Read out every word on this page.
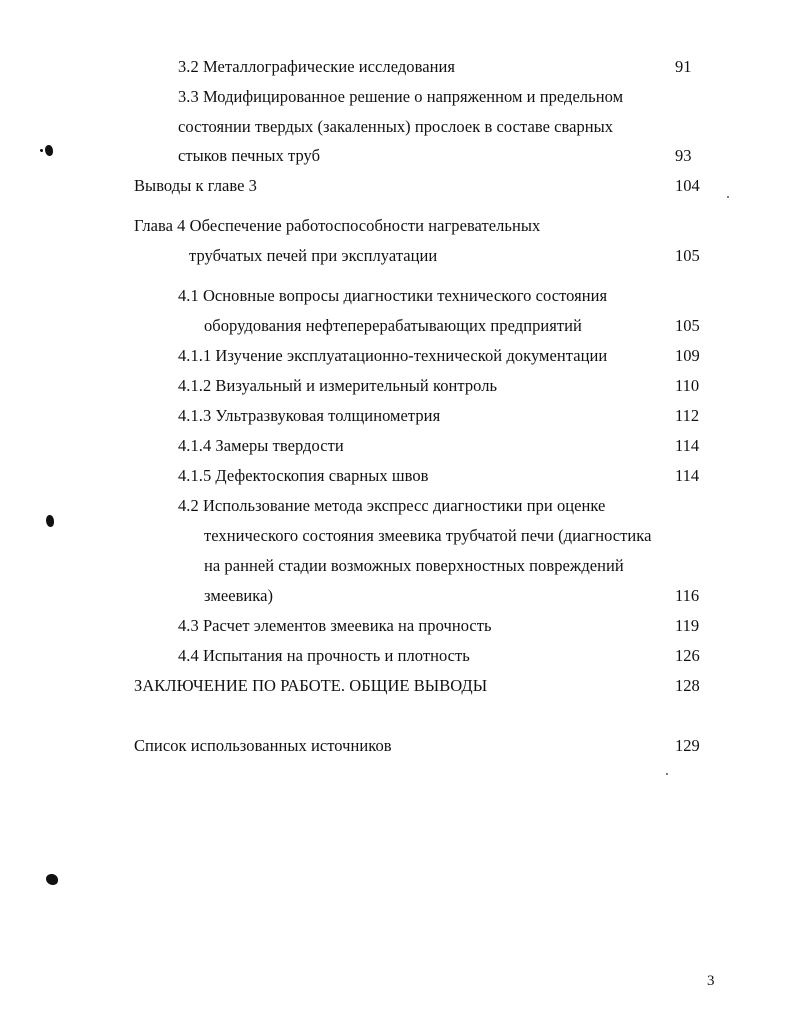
3.2 Металлографические исследования	91
3.3 Модифицированное решение о напряженном и предельном
состоянии твердых (закаленных) прослоек в составе сварных
стыков печных труб	93
Выводы к главе 3	104
Глава 4 Обеспечение работоспособности нагревательных
трубчатых печей при эксплуатации	105
4.1 Основные вопросы диагностики технического состояния
оборудования нефтеперерабатывающих предприятий	105
4.1.1 Изучение эксплуатационно-технической документации	109
4.1.2 Визуальный и измерительный контроль	110
4.1.3 Ультразвуковая толщинометрия	112
4.1.4 Замеры твердости	114
4.1.5 Дефектоскопия сварных швов	114
4.2 Использование метода экспресс диагностики при оценке
технического состояния змеевика трубчатой печи (диагностика
на ранней стадии возможных поверхностных повреждений
змеевика)	116
4.3 Расчет элементов змеевика на прочность	119
4.4 Испытания на прочность и плотность	126
ЗАКЛЮЧЕНИЕ ПО РАБОТЕ. ОБЩИЕ ВЫВОДЫ	128
Список использованных источников	129
3
